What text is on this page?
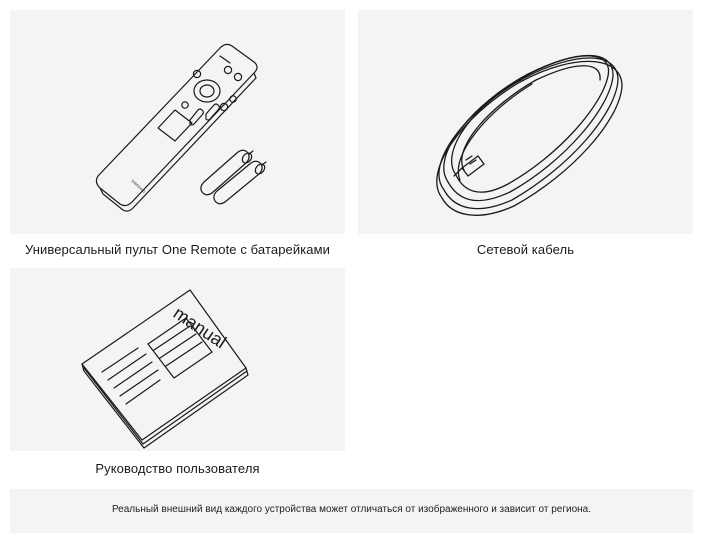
SAMSUNG
Универсальный пульт One Remote с батарейками	Сетевой кабель
manual
Руководство пользователя
Реальный внешний вид каждого устройства может отличаться от изображенного и зависит от региона.
